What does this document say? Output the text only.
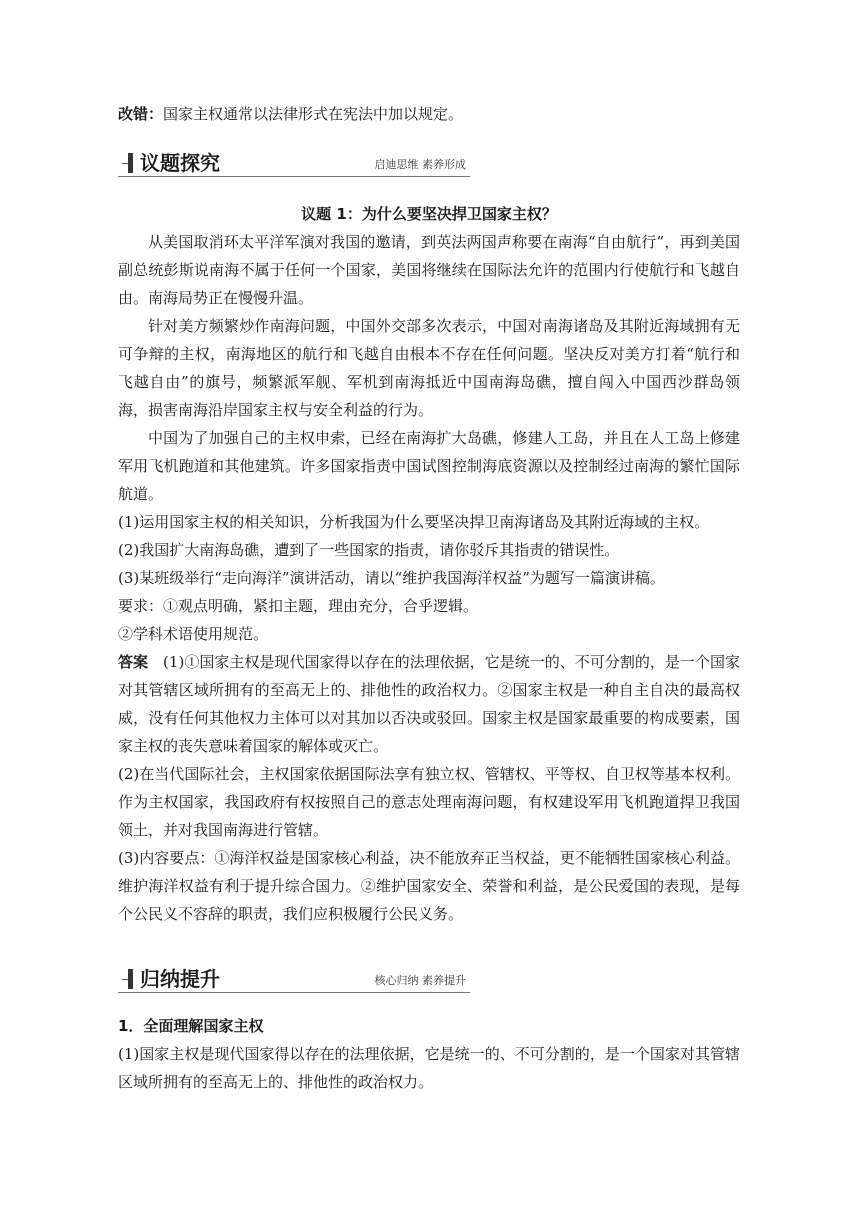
改错：国家主权通常以法律形式在宪法中加以规定。
议题探究	启迪思维 素养形成
议题 1：为什么要坚决捍卫国家主权？

从美国取消环太平洋军演对我国的邀请，到英法两国声称要在南海“自由航行”，再到美国副总统彭斯说南海不属于任何一个国家，美国将继续在国际法允许的范围内行使航行和飞越自由。南海局势正在慢慢升温。

针对美方频繁炒作南海问题，中国外交部多次表示，中国对南海诸岛及其附近海域拥有无可争辩的主权，南海地区的航行和飞越自由根本不存在任何问题。坚决反对美方打着“航行和飞越自由”的旗号，频繁派军舰、军机到南海抵近中国南海岛礁，擅自闯入中国西沙群岛领海，损害南海沿岸国家主权与安全利益的行为。

中国为了加强自己的主权申索，已经在南海扩大岛礁，修建人工岛，并且在人工岛上修建军用飞机跑道和其他建筑。许多国家指责中国试图控制海底资源以及控制经过南海的繁忙国际航道。

(1)运用国家主权的相关知识，分析我国为什么要坚决捍卫南海诸岛及其附近海域的主权。

(2)我国扩大南海岛礁，遭到了一些国家的指责，请你驳斥其指责的错误性。

(3)某班级举行“走向海洋”演讲活动，请以“维护我国海洋权益”为题写一篇演讲稿。

要求：①观点明确，紧扣主题，理由充分，合乎逻辑。

②学科术语使用规范。

答案  (1)①国家主权是现代国家得以存在的法理依据，它是统一的、不可分割的，是一个国家对其管辖区域所拥有的至高无上的、排他性的政治权力。②国家主权是一种自主自决的最高权威，没有任何其他权力主体可以对其加以否决或驳回。国家主权是国家最重要的构成要素，国家主权的丧失意味着国家的解体或灭亡。

(2)在当代国际社会，主权国家依据国际法享有独立权、管辖权、平等权、自卫权等基本权利。作为主权国家，我国政府有权按照自己的意志处理南海问题，有权建设军用飞机跑道捍卫我国领土，并对我国南海进行管辖。

(3)内容要点：①海洋权益是国家核心利益，决不能放弃正当权益，更不能牺牲国家核心利益。维护海洋权益有利于提升综合国力。②维护国家安全、荣誉和利益，是公民爱国的表现，是每个公民义不容辞的职责，我们应积极履行公民义务。

归纳提升	核心归纳 素养提升
1．全面理解国家主权

(1)国家主权是现代国家得以存在的法理依据，它是统一的、不可分割的，是一个国家对其管辖区域所拥有的至高无上的、排他性的政治权力。
